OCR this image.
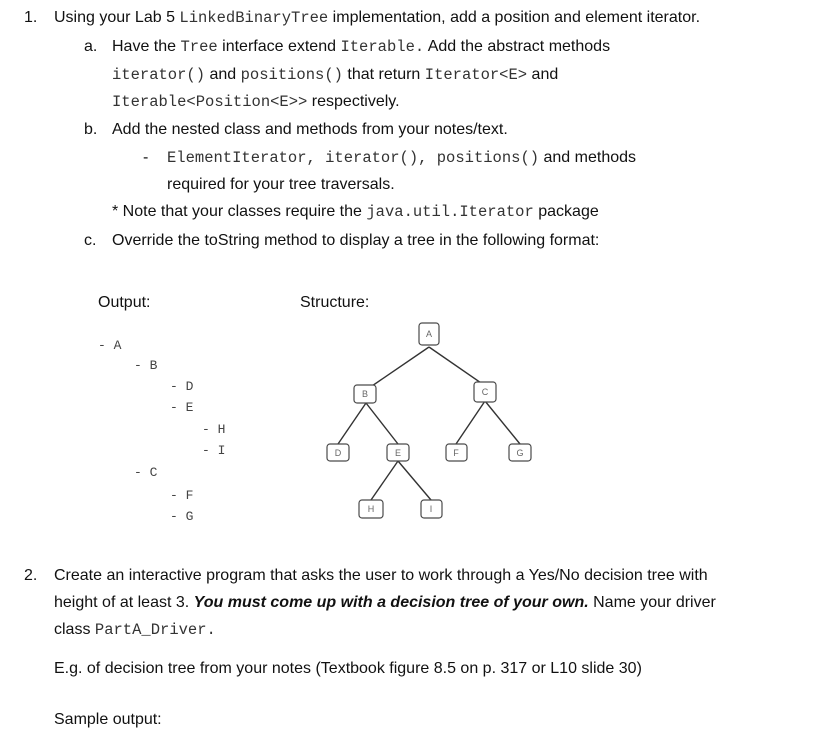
1. Using your Lab 5 LinkedBinaryTree implementation, add a position and element iterator.
a. Have the Tree interface extend Iterable. Add the abstract methods
iterator() and positions() that return Iterator<E> and
Iterable<Position<E>> respectively.
b. Add the nested class and methods from your notes/text.
- ElementIterator, iterator(), positions() and methods
required for your tree traversals.
* Note that your classes require the java.util.Iterator package
c. Override the toString method to display a tree in the following format:
Output:	Structure:
- A
- B
- D
- E
- H
- I
- C
- F
- G
A
B	C
D	E	F	G
H	I
2. Create an interactive program that asks the user to work through a Yes/No decision tree with
height of at least 3. You must come up with a decision tree of your own. Name your driver
class PartA_Driver.
E.g. of decision tree from your notes (Textbook figure 8.5 on p. 317 or L10 slide 30)
Sample output:
